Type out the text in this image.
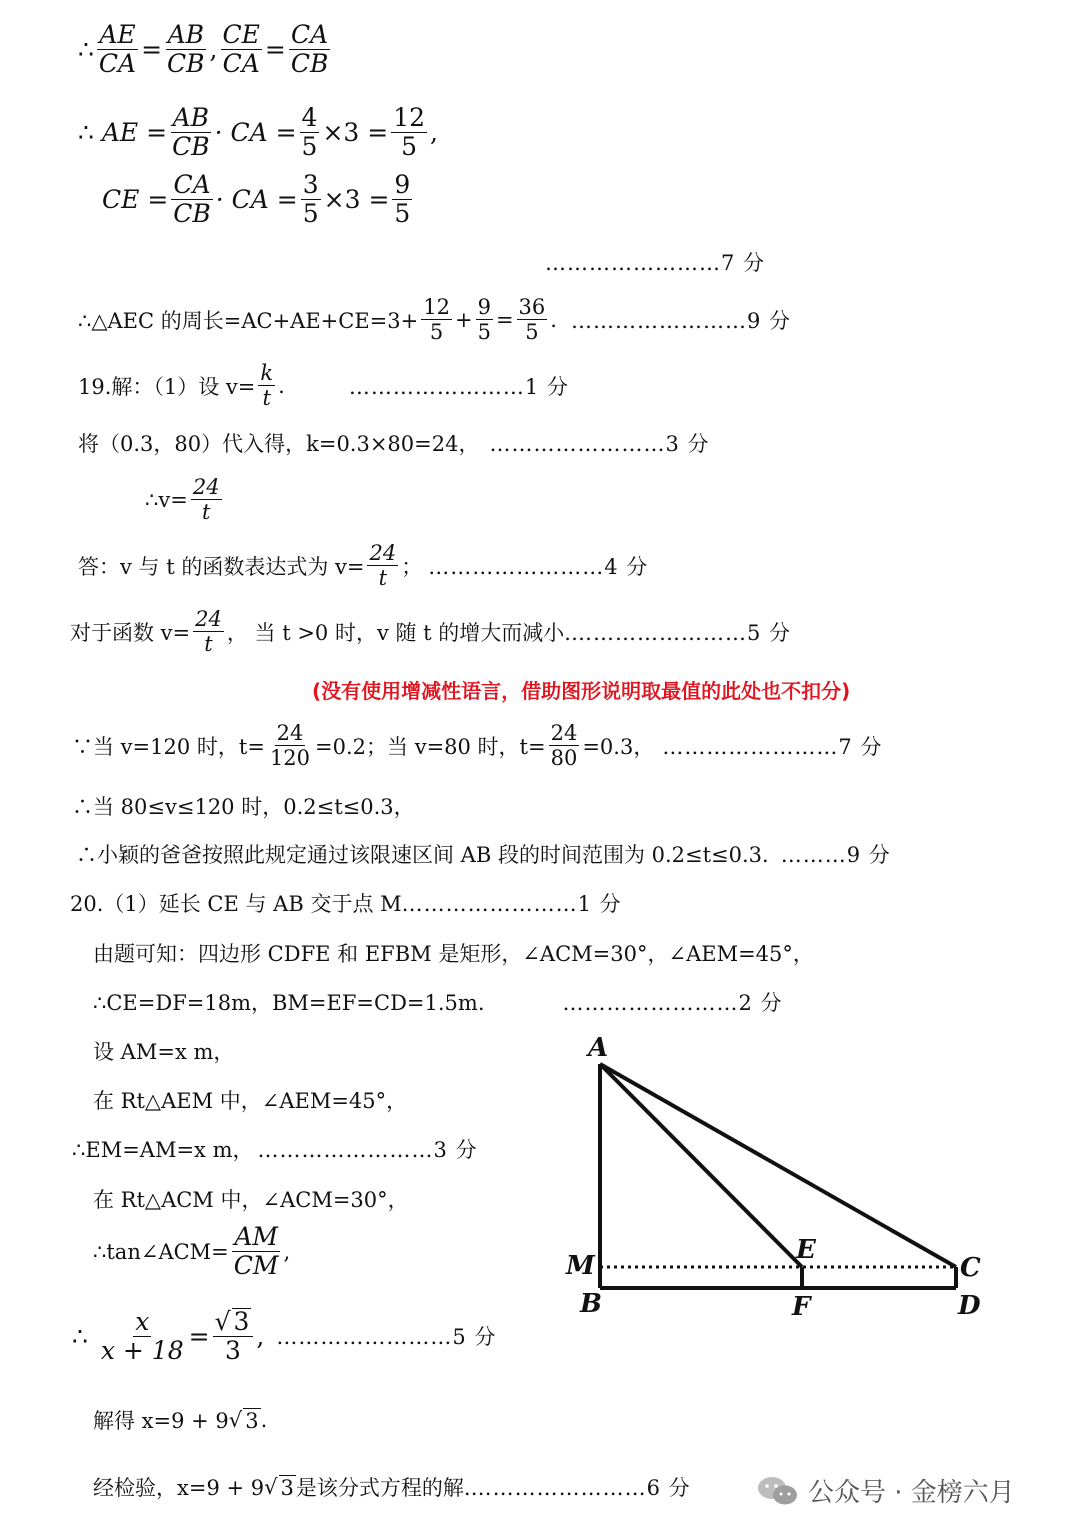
∴ $\frac{AE}{CA} = \frac{AB}{CB}$ , $\frac{CE}{CA} = \frac{CA}{CB}$
∴
AE = $\frac{AB}{CB}$ · CA = $\frac{4}{5} \times 3 = \frac{12}{5}$ ,
CE = $\frac{CA}{CB}$ · CA = $\frac{3}{5} \times 3 = \frac{9}{5}$
……………………7 分
∴△AEC 的周长$=AC+AE+CE=3+ \frac{12}{5} + \frac{9}{5} = \frac{36}{5}$ . ……………………9 分
19.解：（1）设 $v= \frac{k}{t}$ .	……………………1 分
将（0.3，80）代入得，k=0.3×80=24， ……………………3 分
∴v= $\frac{24}{t}$
答：v 与 t 的函数表达式为 $v= \frac{24}{t}$ ； ……………………4 分
对于函数 $v= \frac{24}{t}$ ， 当 t >0 时，v 随 t 的增大而减小. ……………………5 分
(没有使用增减性语言，借助图形说明取最值的此处也不扣分)
∵当 v=120 时，$t= \frac{24}{120} =0.2$；当 v=80 时，$t= \frac{24}{80} =0.3$， ……………………7 分
∴当 80≤v≤120 时，0.2≤t≤0.3，
∴小颖的爸爸按照此规定通过该限速区间 AB 段的时间范围为 0.2≤t≤0.3. ………9 分
20.（1）延长 CE 与 AB 交于点 M ……………………1 分
由题可知：四边形 CDFE 和 EFBM 是矩形，∠ACM=30°，∠AEM=45°，
∴CE=DF=18m，BM=EF=CD=1.5m.	……………………2 分
设 AM=x m，
在 Rt△AEM 中，∠AEM=45°，
∴EM=AM=x m， ……………………3 分
在 Rt△ACM 中，∠ACM=30°，
∴tan∠ACM= $\frac{AM}{CM}$ ,
∴
$\frac{x}{x + 18} = \frac{√ 3}{3}$ , ……………………5 分
解得 x=9 + 9 √ 3 .
经检验，x=9 + 9 √ 3 是该分式方程的解. ……………………6 分
A
M
B
E
F
C
D
公众号 · 金榜六月
